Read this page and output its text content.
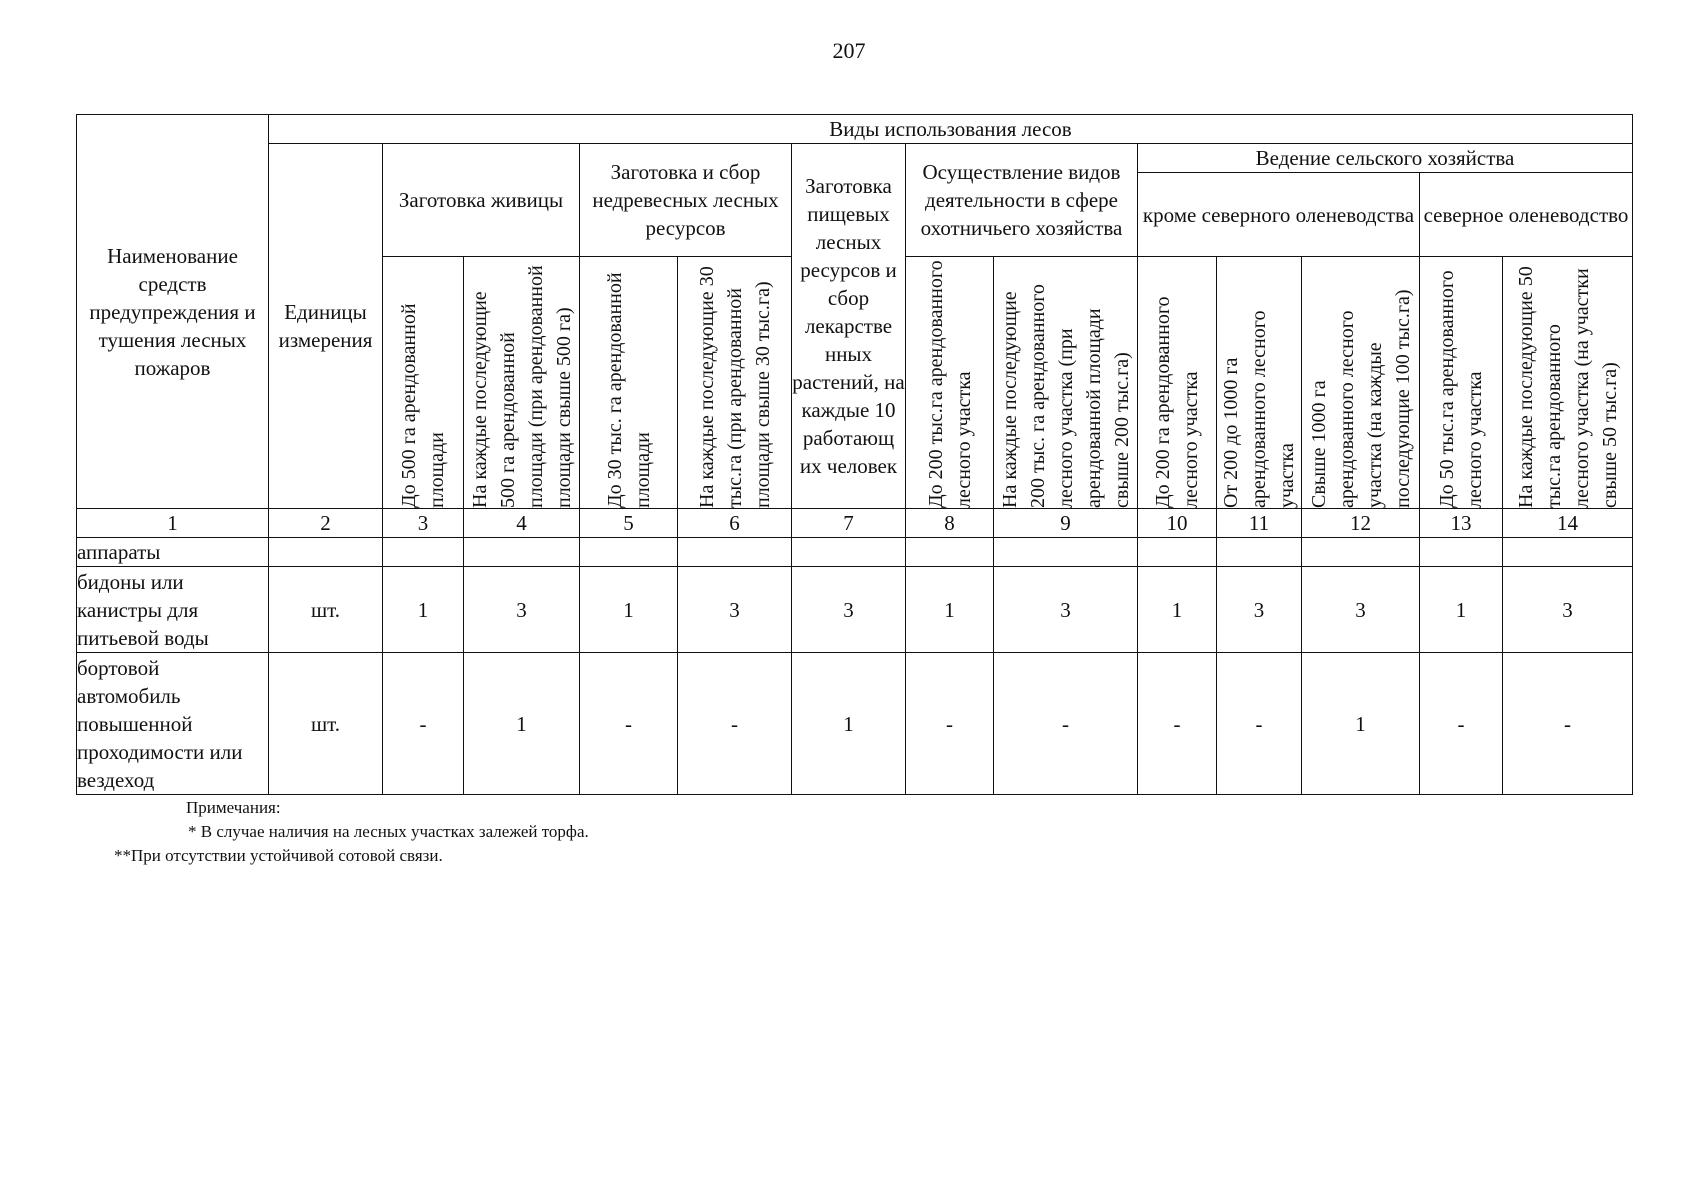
207
Наименование средств предупреждения и тушения лесных пожаров	Виды использования лесов												
	Единицы измерения	Заготовка живицы		Заготовка и сбор недревесных лесных ресурсов		Заготовка пищевых лесных ресурсов и сбор лекарстве нных растений, на каждые 10 работающ их человек	Осуществление видов деятельности в сфере охотничьего хозяйства		Ведение сельского хозяйства				
									кроме северного оленеводства			северное оленеводство	

		До 500 га арендованной площади	На каждые последующие 500 га арендованной площади (при арендованной площади свыше 500 га)	До 30 тыс. га арендованной площади	На каждые последующие 30 тыс.га (при арендованной площади свыше 30 тыс.га)		До 200 тыс.га арендованного лесного участка	На каждые последующие 200 тыс. га арендованного лесного участка (при арендованной площади свыше 200 тыс.га)	До 200 га арендованного лесного участка	От 200 до 1000 га арендованного лесного участка	Свыше 1000 га арендованного лесного участка (на каждые последующие 100 тыс.га)	До 50 тыс.га арендованного лесного участка	На каждые последующие 50 тыс.га арендованного лесного участка (на участки свыше 50 тыс.га)

1	2	3	4	5	6	7	8	9	10	11	12	13	14
аппараты													
бидоны или канистры для питьевой воды	шт.	1	3	1	3	3	1	3	1	3	3	1	3
бортовой автомобиль повышенной проходимости или вездеход	шт.	-	1	-	-	1	-	-	-	-	1	-	-
Примечания:
* В случае наличия на лесных участках залежей торфа.
**При отсутствии устойчивой сотовой связи.
